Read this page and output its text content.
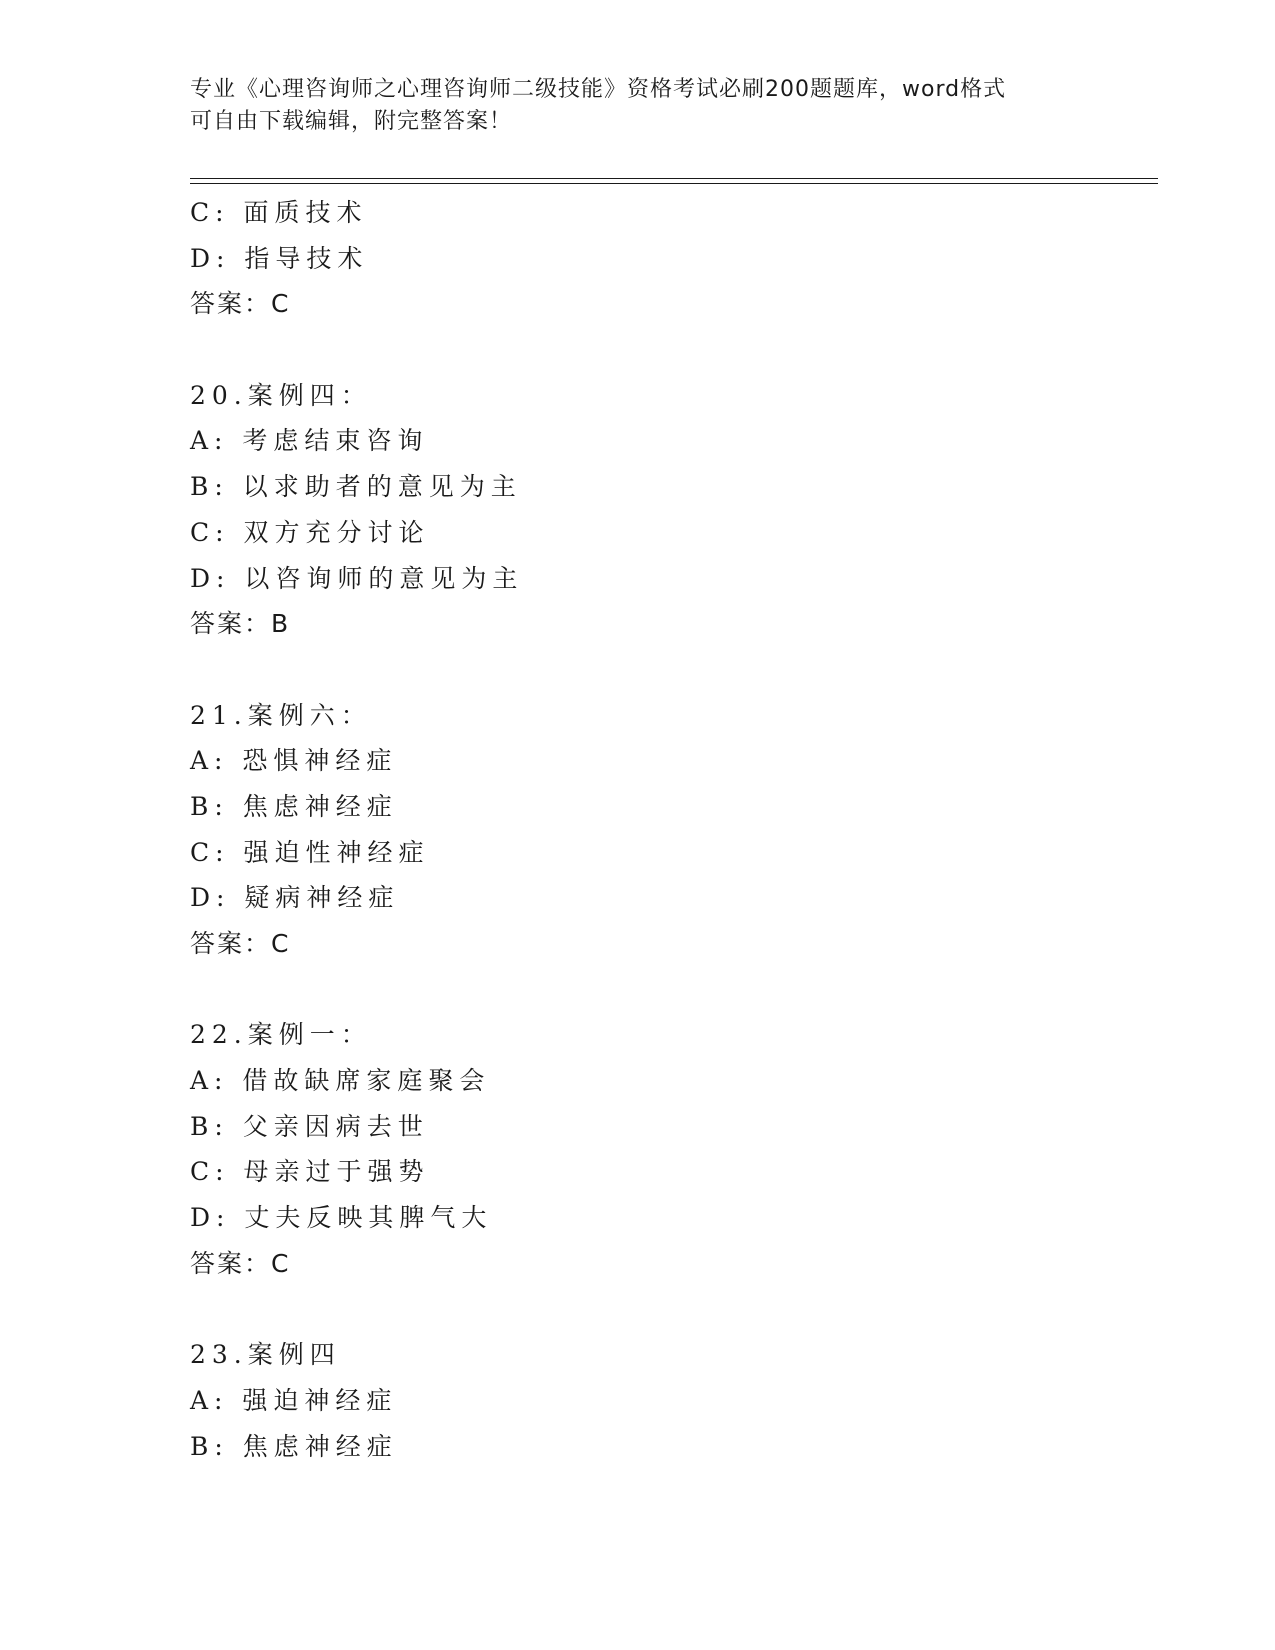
专业《心理咨询师之心理咨询师二级技能》资格考试必刷200题题库，word格式
可自由下载编辑，附完整答案！
C: 面质技术
D: 指导技术
答案：C
20.案例四：
A: 考虑结束咨询
B: 以求助者的意见为主
C: 双方充分讨论
D: 以咨询师的意见为主
答案：B
21.案例六：
A: 恐惧神经症
B: 焦虑神经症
C: 强迫性神经症
D: 疑病神经症
答案：C
22.案例一：
A: 借故缺席家庭聚会
B: 父亲因病去世
C: 母亲过于强势
D: 丈夫反映其脾气大
答案：C
23.案例四
A: 强迫神经症
B: 焦虑神经症
